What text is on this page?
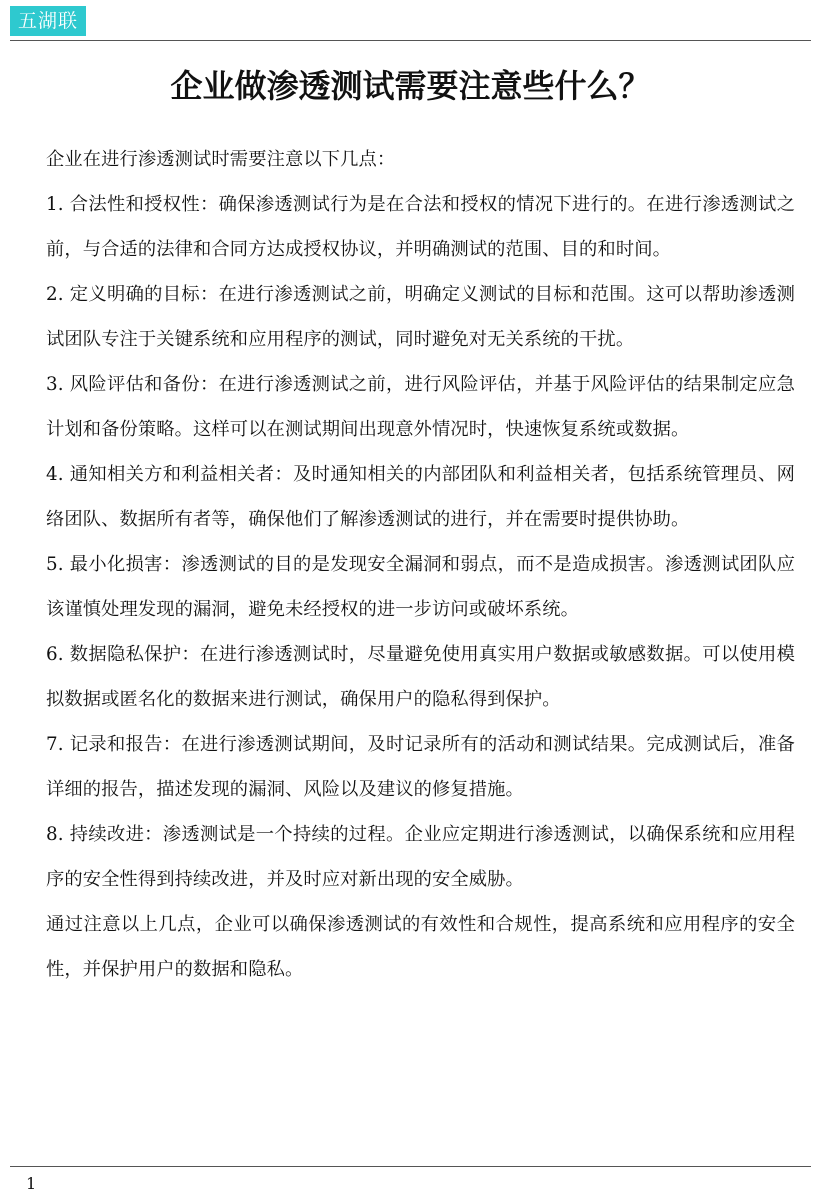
五湖联
企业做渗透测试需要注意些什么？

企业在进行渗透测试时需要注意以下几点：

1. 合法性和授权性：确保渗透测试行为是在合法和授权的情况下进行的。在进行渗透测试之前，与合适的法律和合同方达成授权协议，并明确测试的范围、目的和时间。

2. 定义明确的目标：在进行渗透测试之前，明确定义测试的目标和范围。这可以帮助渗透测试团队专注于关键系统和应用程序的测试，同时避免对无关系统的干扰。

3. 风险评估和备份：在进行渗透测试之前，进行风险评估，并基于风险评估的结果制定应急计划和备份策略。这样可以在测试期间出现意外情况时，快速恢复系统或数据。

4. 通知相关方和利益相关者：及时通知相关的内部团队和利益相关者，包括系统管理员、网络团队、数据所有者等，确保他们了解渗透测试的进行，并在需要时提供协助。

5. 最小化损害：渗透测试的目的是发现安全漏洞和弱点，而不是造成损害。渗透测试团队应该谨慎处理发现的漏洞，避免未经授权的进一步访问或破坏系统。

6. 数据隐私保护：在进行渗透测试时，尽量避免使用真实用户数据或敏感数据。可以使用模拟数据或匿名化的数据来进行测试，确保用户的隐私得到保护。

7. 记录和报告：在进行渗透测试期间，及时记录所有的活动和测试结果。完成测试后，准备详细的报告，描述发现的漏洞、风险以及建议的修复措施。

8. 持续改进：渗透测试是一个持续的过程。企业应定期进行渗透测试，以确保系统和应用程序的安全性得到持续改进，并及时应对新出现的安全威胁。

通过注意以上几点，企业可以确保渗透测试的有效性和合规性，提高系统和应用程序的安全性，并保护用户的数据和隐私。

1
